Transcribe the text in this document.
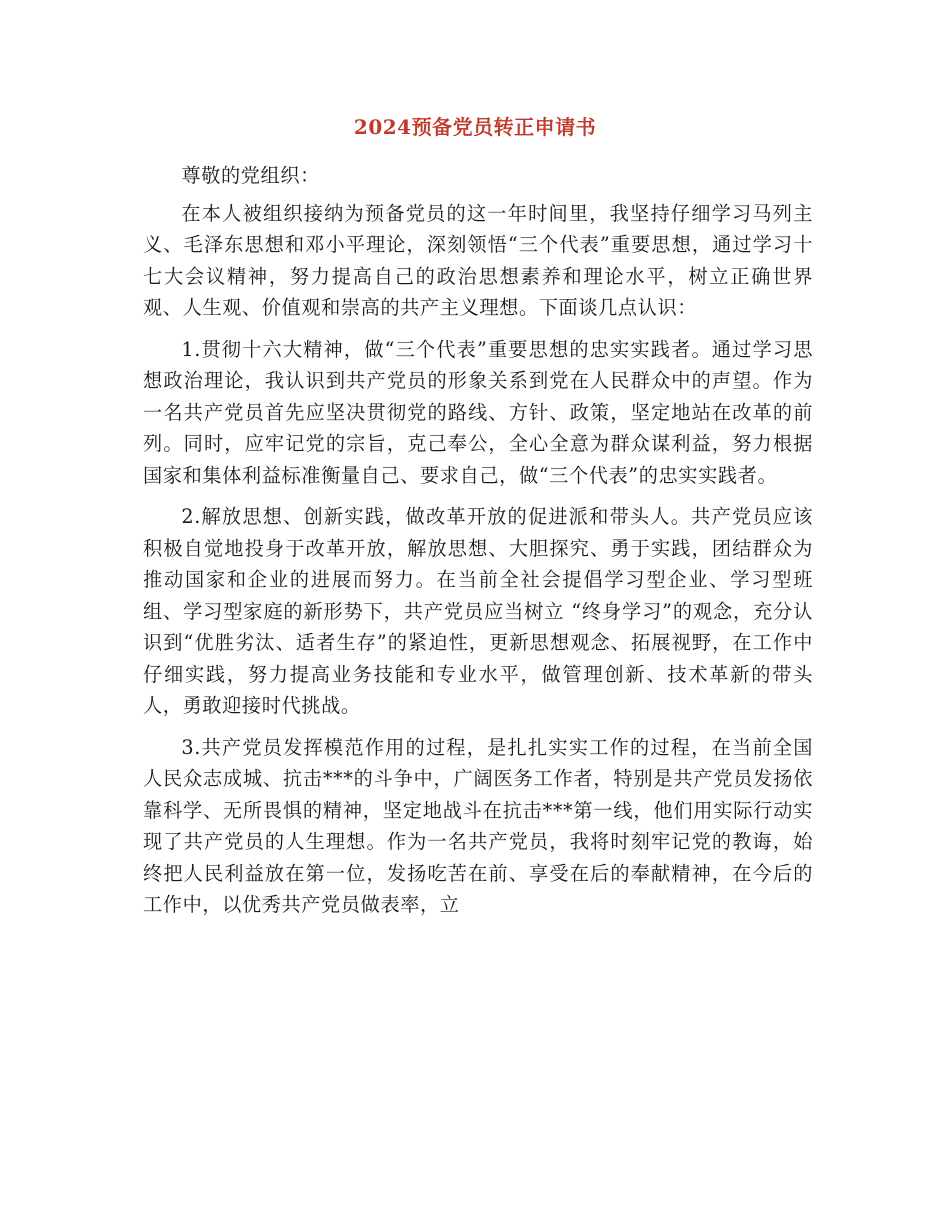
2024预备党员转正申请书

尊敬的党组织：

在本人被组织接纳为预备党员的这一年时间里，我坚持仔细学习马列主义、毛泽东思想和邓小平理论，深刻领悟“三个代表”重要思想，通过学习十七大会议精神，努力提高自己的政治思想素养和理论水平，树立正确世界观、人生观、价值观和崇高的共产主义理想。下面谈几点认识：

1.贯彻十六大精神，做“三个代表”重要思想的忠实实践者。通过学习思想政治理论，我认识到共产党员的形象关系到党在人民群众中的声望。作为一名共产党员首先应坚决贯彻党的路线、方针、政策，坚定地站在改革的前列。同时，应牢记党的宗旨，克己奉公，全心全意为群众谋利益，努力根据国家和集体利益标准衡量自己、要求自己，做“三个代表”的忠实实践者。

2.解放思想、创新实践，做改革开放的促进派和带头人。共产党员应该积极自觉地投身于改革开放，解放思想、大胆探究、勇于实践，团结群众为推动国家和企业的进展而努力。在当前全社会提倡学习型企业、学习型班组、学习型家庭的新形势下，共产党员应当树立 “终身学习”的观念，充分认识到“优胜劣汰、适者生存”的紧迫性，更新思想观念、拓展视野，在工作中仔细实践，努力提高业务技能和专业水平，做管理创新、技术革新的带头人，勇敢迎接时代挑战。

3.共产党员发挥模范作用的过程，是扎扎实实工作的过程，在当前全国人民众志成城、抗击***的斗争中，广阔医务工作者，特别是共产党员发扬依靠科学、无所畏惧的精神，坚定地战斗在抗击***第一线，他们用实际行动实现了共产党员的人生理想。作为一名共产党员，我将时刻牢记党的教诲，始终把人民利益放在第一位，发扬吃苦在前、享受在后的奉献精神，在今后的工作中，以优秀共产党员做表率，立
